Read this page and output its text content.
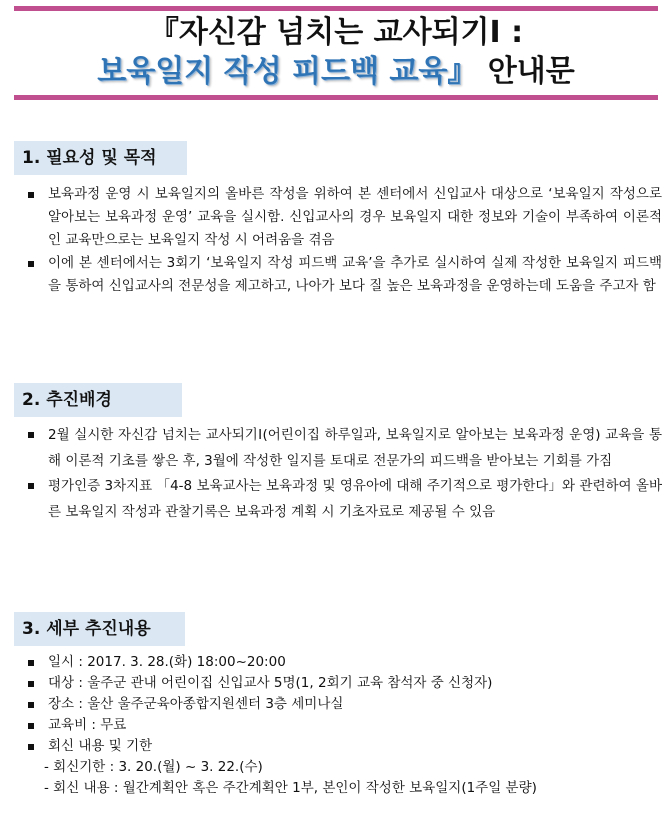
『자신감 넘치는 교사되기Ⅰ :
보육일지 작성 피드백 교육』 안내문
1. 필요성 및 목적
보육과정 운영 시 보육일지의 올바른 작성을 위하여 본 센터에서 신입교사 대상으로 ‘보육일지 작성으로 알아보는 보육과정 운영’ 교육을 실시함. 신입교사의 경우 보육일지 대한 정보와 기술이 부족하여 이론적인 교육만으로는 보육일지 작성 시 어려움을 겪음
이에 본 센터에서는 3회기 ‘보육일지 작성 피드백 교육’을 추가로 실시하여 실제 작성한 보육일지 피드백을 통하여 신입교사의 전문성을 제고하고, 나아가 보다 질 높은 보육과정을 운영하는데 도움을 주고자 함
2. 추진배경
2월 실시한 자신감 넘치는 교사되기Ⅰ(어린이집 하루일과, 보육일지로 알아보는 보육과정 운영) 교육을 통해 이론적 기초를 쌓은 후, 3월에 작성한 일지를 토대로 전문가의 피드백을 받아보는 기회를 가짐
평가인증 3차지표 「4-8 보육교사는 보육과정 및 영유아에 대해 주기적으로 평가한다」와 관련하여 올바른 보육일지 작성과 관찰기록은 보육과정 계획 시 기초자료로 제공될 수 있음
3. 세부 추진내용
일시 : 2017. 3. 28.(화) 18:00~20:00
대상 : 울주군 관내 어린이집 신입교사 5명(1, 2회기 교육 참석자 중 신청자)
장소 : 울산 울주군육아종합지원센터 3층 세미나실
교육비 : 무료
회신 내용 및 기한
- 회신기한 : 3. 20.(월) ~ 3. 22.(수)
- 회신 내용 : 월간계획안 혹은 주간계획안 1부, 본인이 작성한 보육일지(1주일 분량)
